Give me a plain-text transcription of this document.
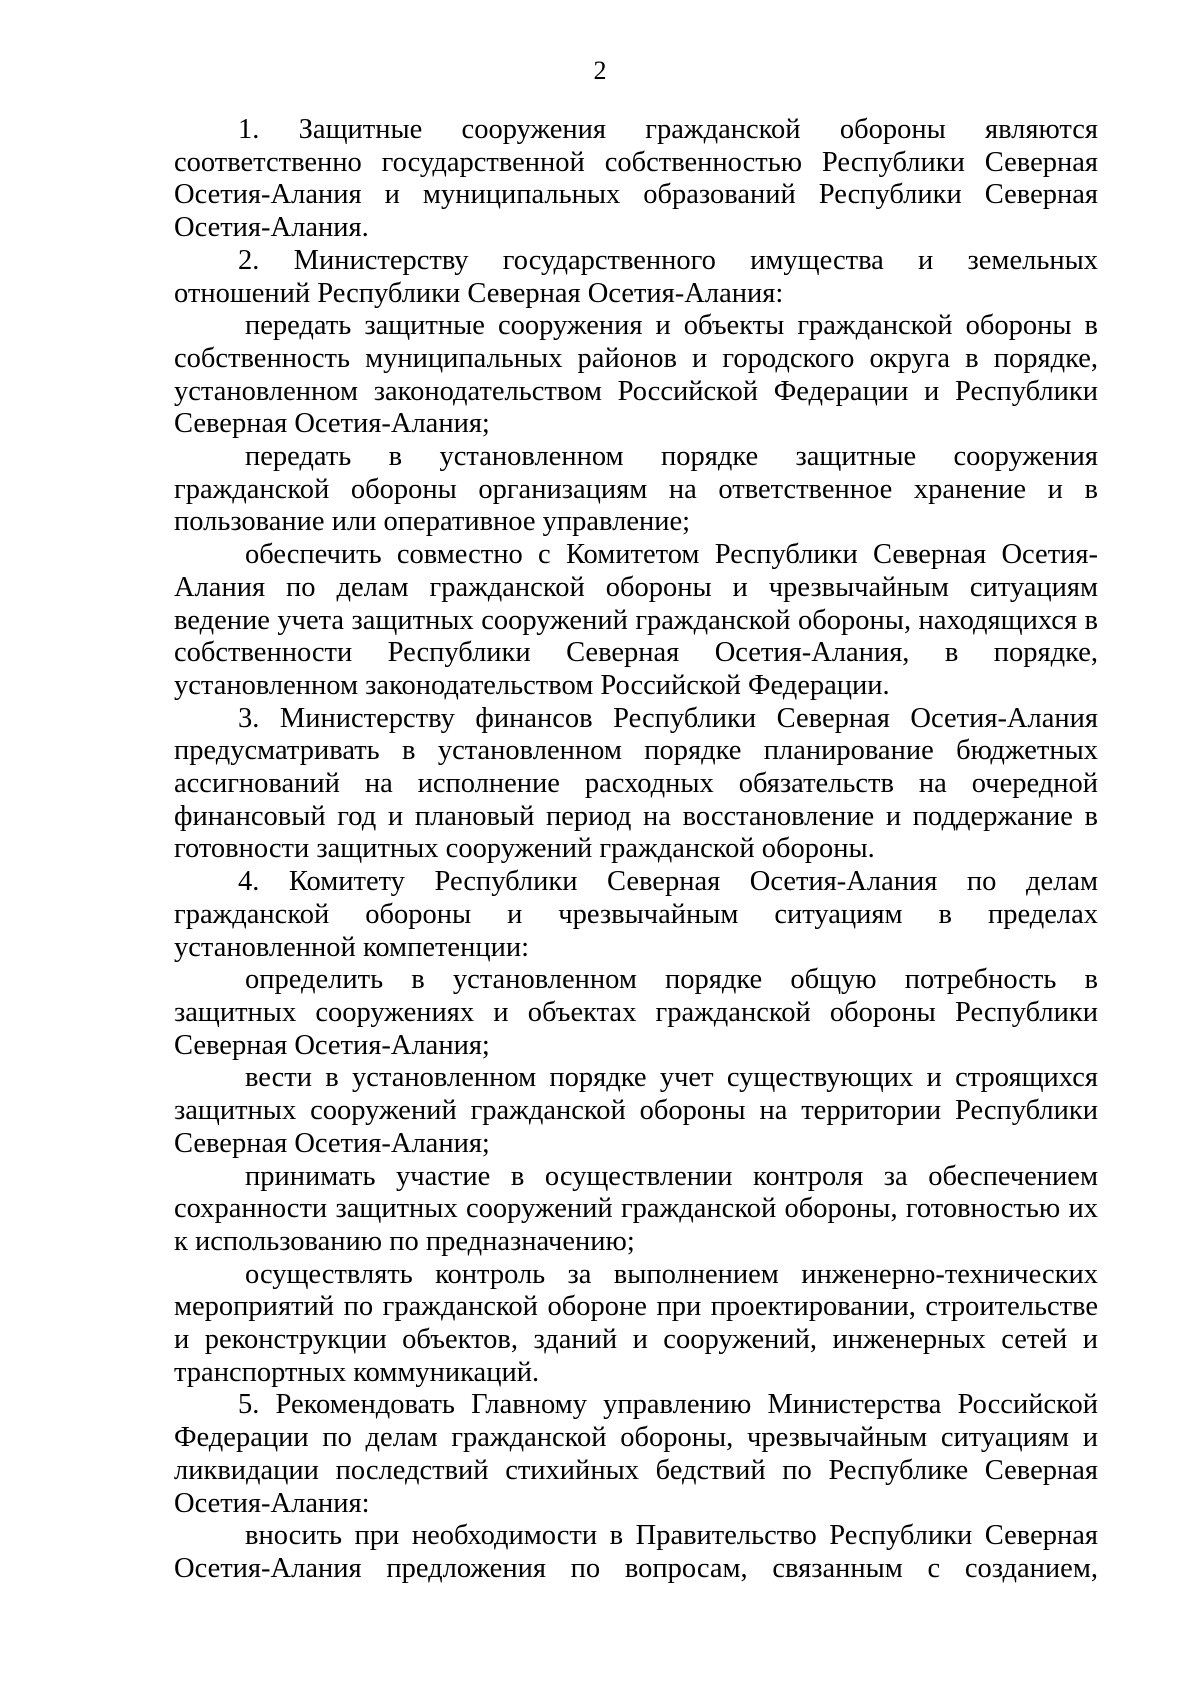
2

1. Защитные сооружения гражданской обороны являются соответственно государственной собственностью Республики Северная Осетия-Алания и муниципальных образований Республики Северная Осетия-Алания.

2. Министерству государственного имущества и земельных отношений Республики Северная Осетия-Алания:

передать защитные сооружения и объекты гражданской обороны в собственность муниципальных районов и городского округа в порядке, установленном законодательством Российской Федерации и Республики Северная Осетия-Алания;

передать в установленном порядке защитные сооружения гражданской обороны организациям на ответственное хранение и в пользование или оперативное управление;

обеспечить совместно с Комитетом Республики Северная Осетия-Алания по делам гражданской обороны и чрезвычайным ситуациям ведение учета защитных сооружений гражданской обороны, находящихся в собственности Республики Северная Осетия-Алания, в порядке, установленном законодательством Российской Федерации.

3. Министерству финансов Республики Северная Осетия-Алания предусматривать в установленном порядке планирование бюджетных ассигнований на исполнение расходных обязательств на очередной финансовый год и плановый период на восстановление и поддержание в готовности защитных сооружений гражданской обороны.

4. Комитету Республики Северная Осетия-Алания по делам гражданской обороны и чрезвычайным ситуациям в пределах установленной компетенции:

определить в установленном порядке общую потребность в защитных сооружениях и объектах гражданской обороны Республики Северная Осетия-Алания;

вести в установленном порядке учет существующих и строящихся защитных сооружений гражданской обороны на территории Республики Северная Осетия-Алания;

принимать участие в осуществлении контроля за обеспечением сохранности защитных сооружений гражданской обороны, готовностью их к использованию по предназначению;

осуществлять контроль за выполнением инженерно-технических мероприятий по гражданской обороне при проектировании, строительстве и реконструкции объектов, зданий и сооружений, инженерных сетей и транспортных коммуникаций.

5. Рекомендовать Главному управлению Министерства Российской Федерации по делам гражданской обороны, чрезвычайным ситуациям и ликвидации последствий стихийных бедствий по Республике Северная Осетия-Алания:

вносить при необходимости в Правительство Республики Северная Осетия-Алания предложения по вопросам, связанным с созданием,
